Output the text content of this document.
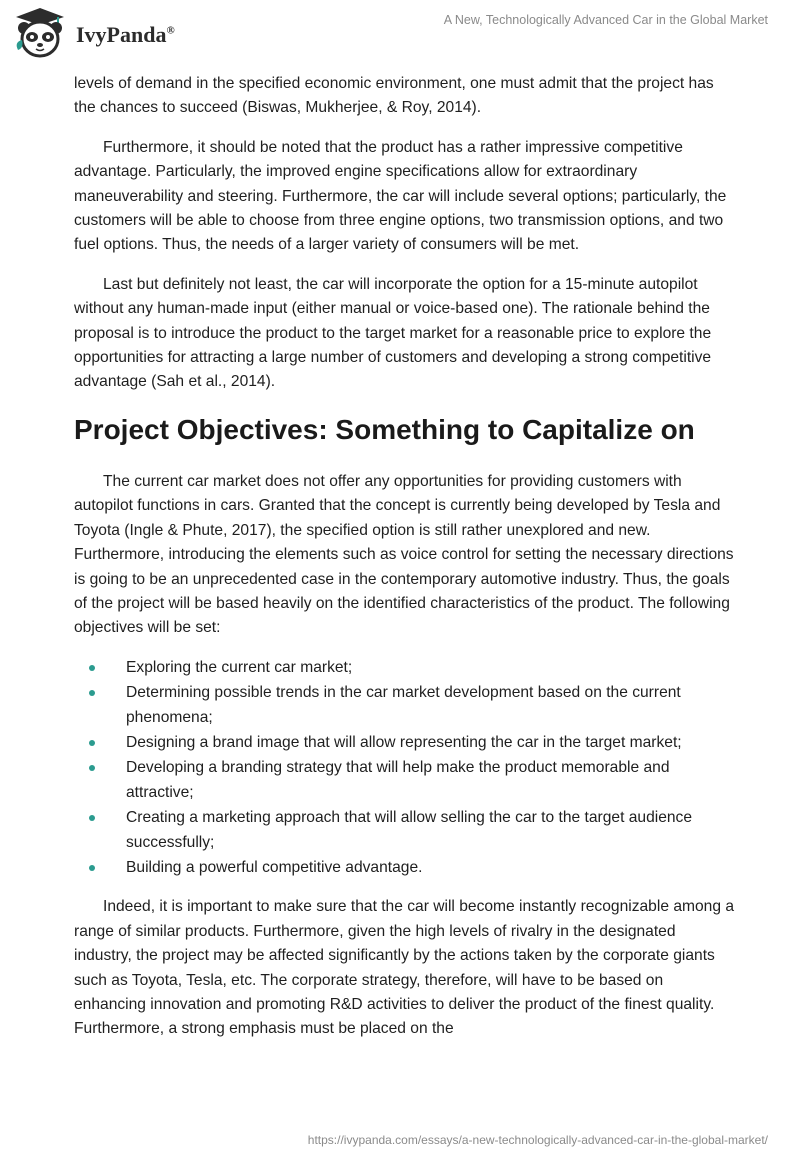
IvyPanda®
A New, Technologically Advanced Car in the Global Market

levels of demand in the specified economic environment, one must admit that the project has the chances to succeed (Biswas, Mukherjee, & Roy, 2014).

Furthermore, it should be noted that the product has a rather impressive competitive advantage. Particularly, the improved engine specifications allow for extraordinary maneuverability and steering. Furthermore, the car will include several options; particularly, the customers will be able to choose from three engine options, two transmission options, and two fuel options. Thus, the needs of a larger variety of consumers will be met.

Last but definitely not least, the car will incorporate the option for a 15-minute autopilot without any human-made input (either manual or voice-based one). The rationale behind the proposal is to introduce the product to the target market for a reasonable price to explore the opportunities for attracting a large number of customers and developing a strong competitive advantage (Sah et al., 2014).

Project Objectives: Something to Capitalize on

The current car market does not offer any opportunities for providing customers with autopilot functions in cars. Granted that the concept is currently being developed by Tesla and Toyota (Ingle & Phute, 2017), the specified option is still rather unexplored and new. Furthermore, introducing the elements such as voice control for setting the necessary directions is going to be an unprecedented case in the contemporary automotive industry. Thus, the goals of the project will be based heavily on the identified characteristics of the product. The following objectives will be set:

Exploring the current car market;
Determining possible trends in the car market development based on the current phenomena;
Designing a brand image that will allow representing the car in the target market;
Developing a branding strategy that will help make the product memorable and attractive;
Creating a marketing approach that will allow selling the car to the target audience successfully;
Building a powerful competitive advantage.

Indeed, it is important to make sure that the car will become instantly recognizable among a range of similar products. Furthermore, given the high levels of rivalry in the designated industry, the project may be affected significantly by the actions taken by the corporate giants such as Toyota, Tesla, etc. The corporate strategy, therefore, will have to be based on enhancing innovation and promoting R&D activities to deliver the product of the finest quality. Furthermore, a strong emphasis must be placed on the

https://ivypanda.com/essays/a-new-technologically-advanced-car-in-the-global-market/
